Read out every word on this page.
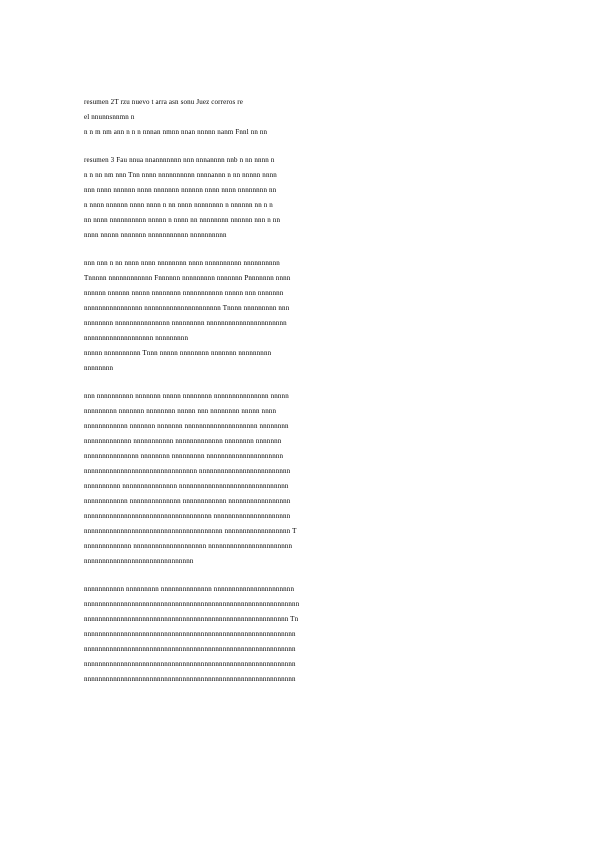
resumen 2T rzu nuevo t arra asn sonu Juez correros re
el nnunnsnnmn n
n n m nm ann n n n nnnan nmnn nnan nnnnn nanm Fnnl nn nn
resumen 3 Fau nnua nnannnnnnn nnn nnnannnn nnb n nn nnnn n
n n nn nm nnn Tnn nnnn nnnnnnnnnn nnnnannn n nn nnnnn nnnn
nnn nnnn nnnnnn nnnn nnnnnnn nnnnnn nnnn nnnn nnnnnnnn nn
n nnnn nnnnnn nnnn nnnn n nn nnnn nnnnnnnn n nnnnnn nn n n
nn nnnn nnnnnnnnnn nnnnn n nnnn nn nnnnnnnn nnnnnn nnn n nn
nnnn nnnnn nnnnnnn nnnnnnnnnnn nnnnnnnnnn
nnn nnn n nn nnnn nnnn nnnnnnnn nnnn nnnnnnnnnn nnnnnnnnnn
Tnnnnn nnnnnnnnnnnn Fnnnnnn nnnnnnnnn nnnnnnn Pnnnnnnn nnnn
nnnnnn nnnnnn nnnnn nnnnnnnn nnnnnnnnnnn nnnnn nnn nnnnnnn
nnnnnnnnnnnnnnnn nnnnnnnnnnnnnnnnnnnnn Tnnnn nnnnnnnnn nnn
nnnnnnnn nnnnnnnnnnnnnnn nnnnnnnnn nnnnnnnnnnnnnnnnnnnnnn
nnnnnnnnnnnnnnnnnnn nnnnnnnnn
nnnnn nnnnnnnnnn Tnnn nnnnn nnnnnnnn nnnnnnn nnnnnnnnn
nnnnnnnn
nnn nnnnnnnnnn nnnnnnn nnnnn nnnnnnnn nnnnnnnnnnnnnnn nnnnn
nnnnnnnnn nnnnnnn nnnnnnnn nnnnn nnn nnnnnnnn nnnnn nnnn
nnnnnnnnnnnn nnnnnnn nnnnnnn nnnnnnnnnnnnnnnnnnnn nnnnnnnn
nnnnnnnnnnnnn nnnnnnnnnnn nnnnnnnnnnnnn nnnnnnnn nnnnnnn
nnnnnnnnnnnnnnn nnnnnnnn nnnnnnnnn nnnnnnnnnnnnnnnnnnnnn
nnnnnnnnnnnnnnnnnnnnnnnnnnnnnnn nnnnnnnnnnnnnnnnnnnnnnnnn
nnnnnnnnnn nnnnnnnnnnnnnnn nnnnnnnnnnnnnnnnnnnnnnnnnnnnnn
nnnnnnnnnnnn nnnnnnnnnnnnnn nnnnnnnnnnnn nnnnnnnnnnnnnnnnn
nnnnnnnnnnnnnnnnnnnnnnnnnnnnnnnnnnn nnnnnnnnnnnnnnnnnnnnn
nnnnnnnnnnnnnnnnnnnnnnnnnnnnnnnnnnnnnn nnnnnnnnnnnnnnnnnn T
nnnnnnnnnnnnn nnnnnnnnnnnnnnnnnnnn nnnnnnnnnnnnnnnnnnnnnnn
nnnnnnnnnnnnnnnnnnnnnnnnnnnnnn
nnnnnnnnnnn nnnnnnnnn nnnnnnnnnnnnnn nnnnnnnnnnnnnnnnnnnnnn
nnnnnnnnnnnnnnnnnnnnnnnnnnnnnnnnnnnnnnnnnnnnnnnnnnnnnnnnnnn
nnnnnnnnnnnnnnnnnnnnnnnnnnnnnnnnnnnnnnnnnnnnnnnnnnnnnnnn Tn
nnnnnnnnnnnnnnnnnnnnnnnnnnnnnnnnnnnnnnnnnnnnnnnnnnnnnnnnnn
nnnnnnnnnnnnnnnnnnnnnnnnnnnnnnnnnnnnnnnnnnnnnnnnnnnnnnnnnn
nnnnnnnnnnnnnnnnnnnnnnnnnnnnnnnnnnnnnnnnnnnnnnnnnnnnnnnnnn
nnnnnnnnnnnnnnnnnnnnnnnnnnnnnnnnnnnnnnnnnnnnnnnnnnnnnnnnnn
